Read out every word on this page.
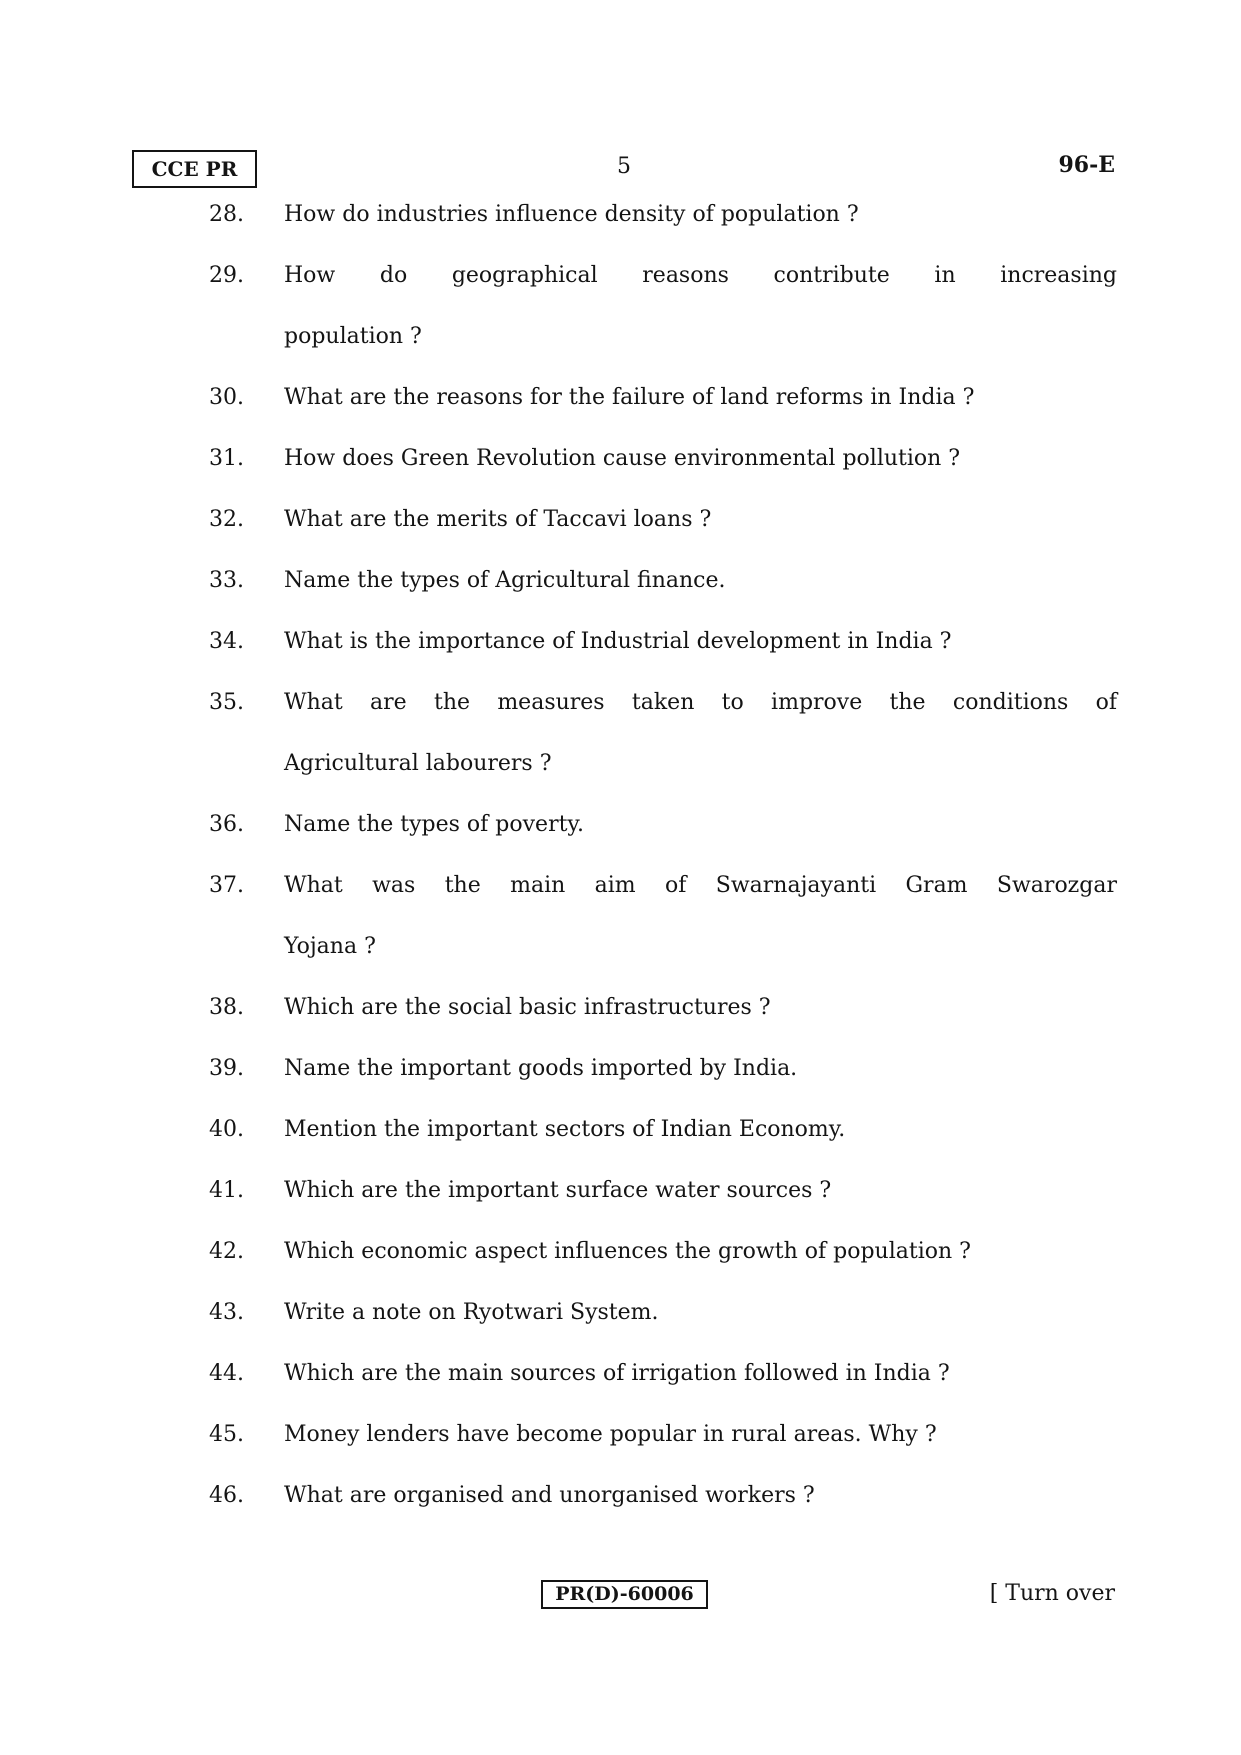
CCE PR	5	96-E
28.	How do industries influence density of population ?
29.	How do geographical reasons contribute in increasing
population ?
30.	What are the reasons for the failure of land reforms in India ?
31.	How does Green Revolution cause environmental pollution ?
32.	What are the merits of Taccavi loans ?
33.	Name the types of Agricultural finance.
34.	What is the importance of Industrial development in India ?
35.	What are the measures taken to improve the conditions of
Agricultural labourers ?
36.	Name the types of poverty.
37.	What was the main aim of Swarnajayanti Gram Swarozgar
Yojana ?
38.	Which are the social basic infrastructures ?
39.	Name the important goods imported by India.
40.	Mention the important sectors of Indian Economy.
41.	Which are the important surface water sources ?
42.	Which economic aspect influences the growth of population ?
43.	Write a note on Ryotwari System.
44.	Which are the main sources of irrigation followed in India ?
45.	Money lenders have become popular in rural areas. Why ?
46.	What are organised and unorganised workers ?
PR(D)-60006	[ Turn over
